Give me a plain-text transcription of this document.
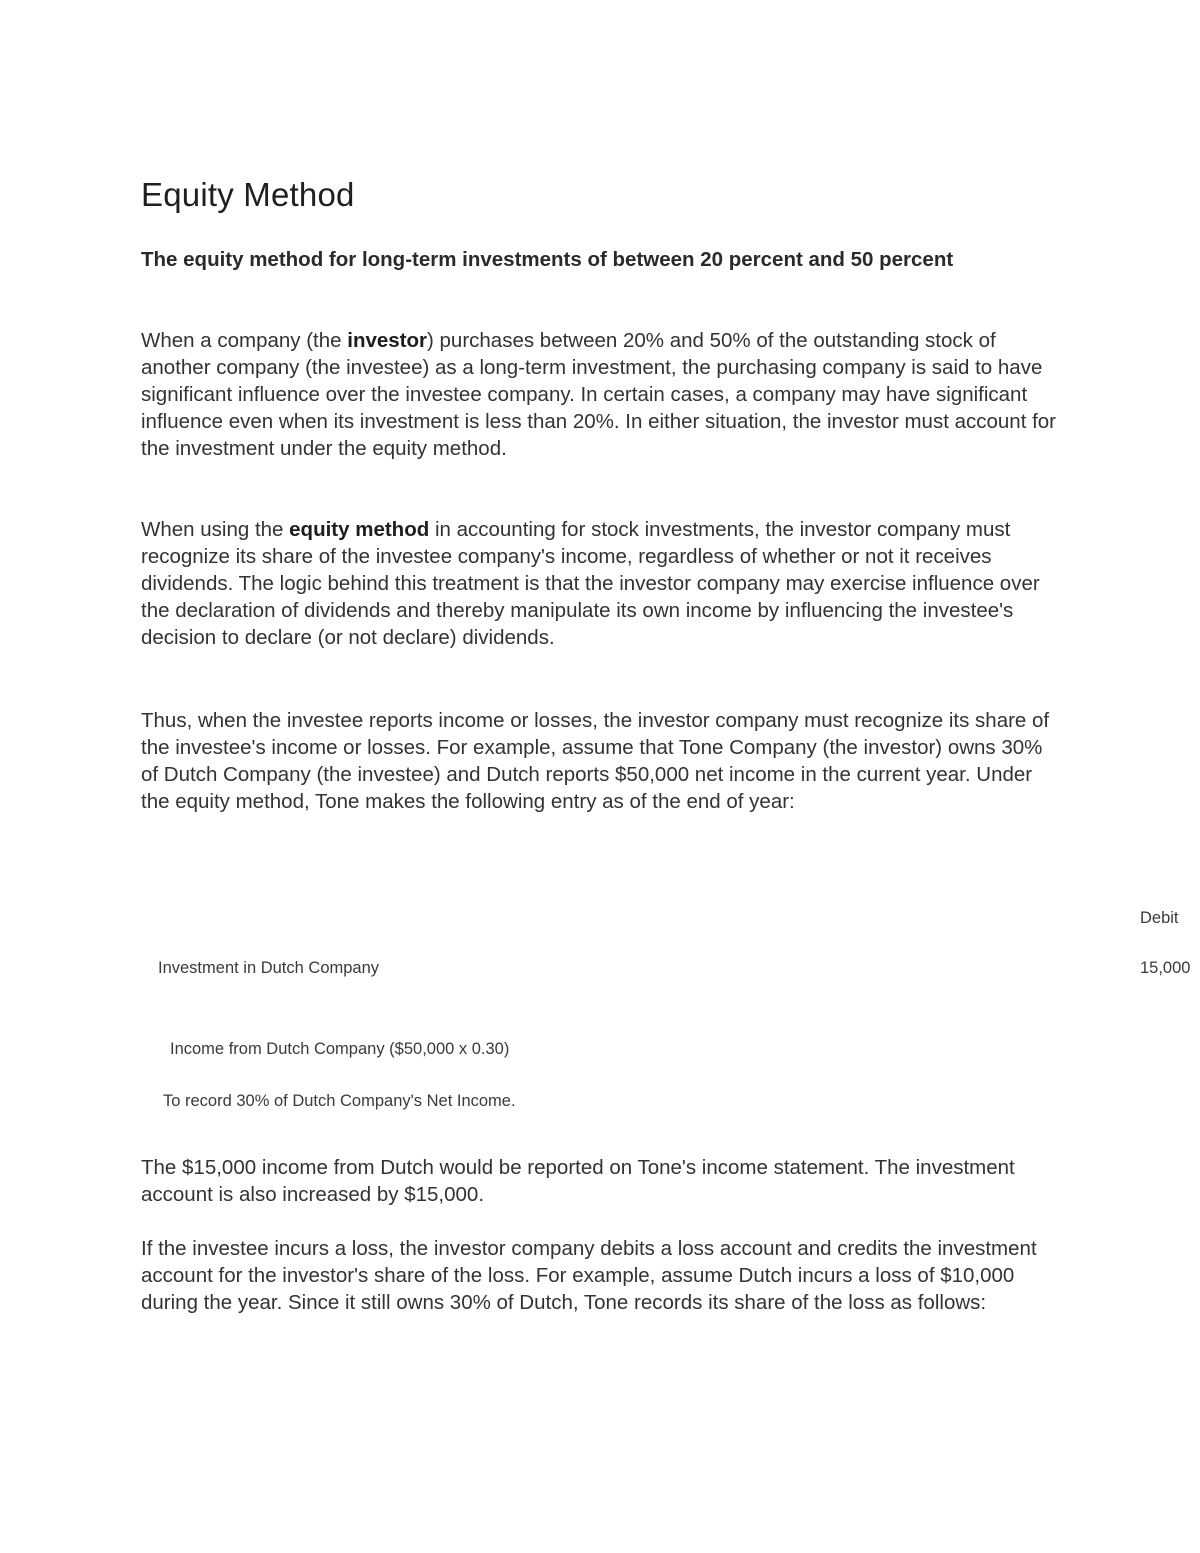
Equity Method
The equity method for long-term investments of between 20 percent and 50 percent

When a company (the investor) purchases between 20% and 50% of the outstanding stock of another company (the investee) as a long-term investment, the purchasing company is said to have significant influence over the investee company. In certain cases, a company may have significant influence even when its investment is less than 20%. In either situation, the investor must account for the investment under the equity method.

When using the equity method in accounting for stock investments, the investor company must recognize its share of the investee company's income, regardless of whether or not it receives dividends. The logic behind this treatment is that the investor company may exercise influence over the declaration of dividends and thereby manipulate its own income by influencing the investee's decision to declare (or not declare) dividends.

Thus, when the investee reports income or losses, the investor company must recognize its share of the investee's income or losses. For example, assume that Tone Company (the investor) owns 30% of Dutch Company (the investee) and Dutch reports $50,000 net income in the current year. Under the equity method, Tone makes the following entry as of the end of year:

Debit
Investment in Dutch Company	15,000
Income from Dutch Company ($50,000 x 0.30)
To record 30% of Dutch Company's Net Income.

The $15,000 income from Dutch would be reported on Tone's income statement. The investment account is also increased by $15,000.

If the investee incurs a loss, the investor company debits a loss account and credits the investment account for the investor's share of the loss. For example, assume Dutch incurs a loss of $10,000 during the year. Since it still owns 30% of Dutch, Tone records its share of the loss as follows:
